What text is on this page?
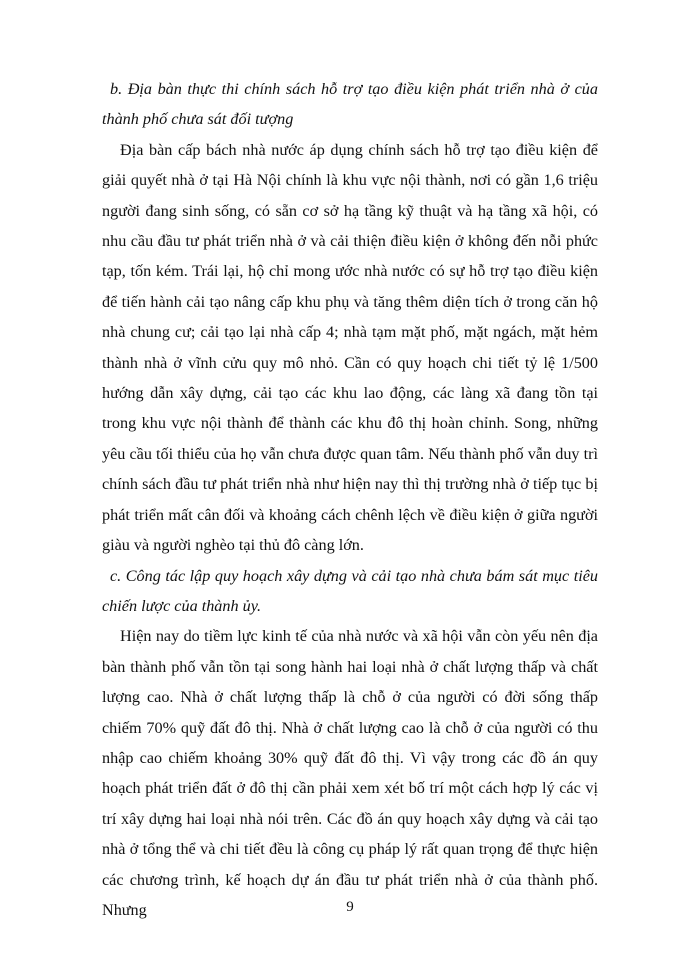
b. Địa bàn thực thi chính sách hỗ trợ tạo điều kiện phát triển nhà ở của thành phố chưa sát đối tượng

Địa bàn cấp bách nhà nước áp dụng chính sách hỗ trợ tạo điều kiện để giải quyết nhà ở tại Hà Nội chính là khu vực nội thành, nơi có gần 1,6 triệu người đang sinh sống, có sẵn cơ sở hạ tầng kỹ thuật và hạ tầng xã hội, có nhu cầu đầu tư phát triển nhà ở và cải thiện điều kiện ở không đến nỗi phức tạp, tốn kém. Trái lại, hộ chỉ mong ước nhà nước có sự hỗ trợ tạo điều kiện để tiến hành cải tạo nâng cấp khu phụ và tăng thêm diện tích ở trong căn hộ nhà chung cư; cải tạo lại nhà cấp 4; nhà tạm mặt phố, mặt ngách, mặt hẻm thành nhà ở vĩnh cửu quy mô nhỏ. Cần có quy hoạch chi tiết tỷ lệ 1/500 hướng dẫn xây dựng, cải tạo các khu lao động, các làng xã đang tồn tại trong khu vực nội thành để thành các khu đô thị hoàn chỉnh. Song, những yêu cầu tối thiểu của họ vẫn chưa được quan tâm. Nếu thành phố vẫn duy trì chính sách đầu tư phát triển nhà như hiện nay thì thị trường nhà ở tiếp tục bị phát triển mất cân đối và khoảng cách chênh lệch về điều kiện ở giữa người giàu và người nghèo tại thủ đô càng lớn.

c. Công tác lập quy hoạch xây dựng và cải tạo nhà chưa bám sát mục tiêu chiến lược của thành ủy.

Hiện nay do tiềm lực kinh tế của nhà nước và xã hội vẫn còn yếu nên địa bàn thành phố vẫn tồn tại song hành hai loại nhà ở chất lượng thấp và chất lượng cao. Nhà ở chất lượng thấp là chỗ ở của người có đời sống thấp chiếm 70% quỹ đất đô thị. Nhà ở chất lượng cao là chỗ ở của người có thu nhập cao chiếm khoảng 30% quỹ đất đô thị. Vì vậy trong các đồ án quy hoạch phát triển đất ở đô thị cần phải xem xét bố trí một cách hợp lý các vị trí xây dựng hai loại nhà nói trên. Các đồ án quy hoạch xây dựng và cải tạo nhà ở tổng thể và chi tiết đều là công cụ pháp lý rất quan trọng để thực hiện các chương trình, kế hoạch dự án đầu tư phát triển nhà ở của thành phố. Nhưng	9
